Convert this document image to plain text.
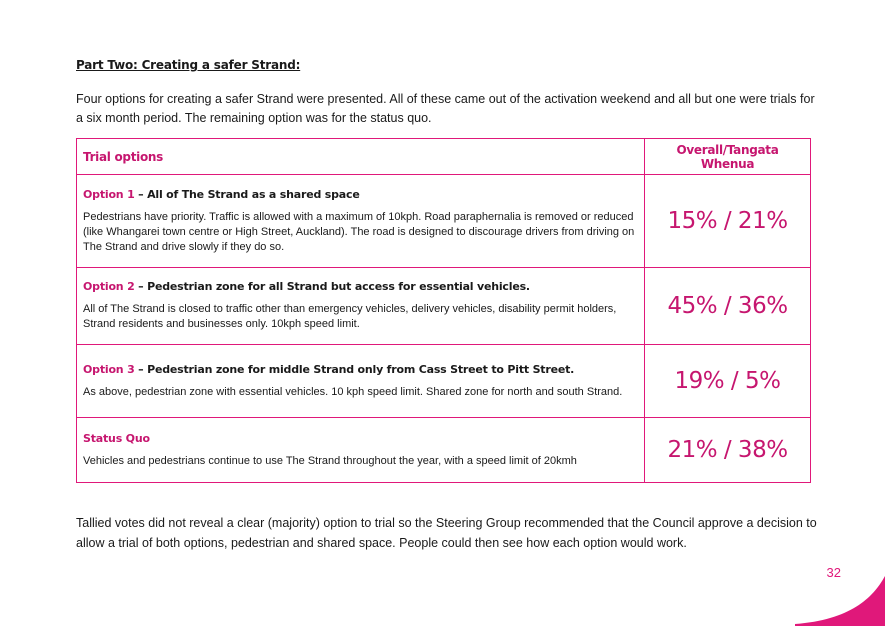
Part Two: Creating a safer Strand:
Four options for creating a safer Strand were presented. All of these came out of the activation weekend and all but one were trials for a six month period. The remaining option was for the status quo.
Trial options	Overall/Tangata Whenua

Option 1 – All of The Strand as a shared space
Pedestrians have priority. Traffic is allowed with a maximum of 10kph. Road paraphernalia is removed or reduced (like Whangarei town centre or High Street, Auckland). The road is designed to discourage drivers from driving on The Strand and drive slowly if they do so.	15% / 21%

Option 2 – Pedestrian zone for all Strand but access for essential vehicles.
All of The Strand is closed to traffic other than emergency vehicles, delivery vehicles, disability permit holders, Strand residents and businesses only. 10kph speed limit.	45% / 36%

Option 3 – Pedestrian zone for middle Strand only from Cass Street to Pitt Street.
As above, pedestrian zone with essential vehicles. 10 kph speed limit. Shared zone for north and south Strand.	19% / 5%

Status Quo
Vehicles and pedestrians continue to use The Strand throughout the year, with a speed limit of 20kmh	21% / 38%
Tallied votes did not reveal a clear (majority) option to trial so the Steering Group recommended that the Council approve a decision to allow a trial of both options, pedestrian and shared space. People could then see how each option would work.
32
